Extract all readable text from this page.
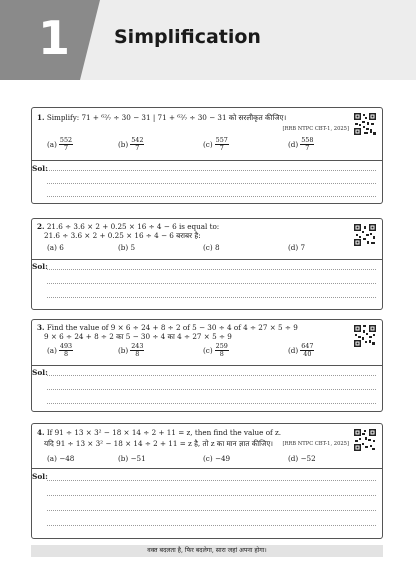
1 Simplification
1. Simplify: 71 + ⁶²⁄₇ ÷ 30 − 31 | 71 + ⁶²⁄₇ ÷ 30 − 31 को सरलीकृत कीजिए।
[RRB NTPC CBT-1, 2025]
$(a) \frac{552}{7}$	$(b) \frac{542}{7}$	$(c) \frac{557}{7}$	$(d) \frac{558}{7}$
Sol:
2. 21.6 ÷ 3.6 × 2 + 0.25 × 16 ÷ 4 − 6 is equal to:
21.6 ÷ 3.6 × 2 + 0.25 × 16 ÷ 4 − 6 बराबर है:
(a)
6	(b)
5	(c)
8	(d)
7
Sol:
3. Find the value of 9 × 6 ÷ 24 + 8 ÷ 2 of 5 − 30 ÷ 4 of 4 ÷ 27 × 5 ÷ 9
9 × 6 ÷ 24 + 8 ÷ 2 का 5 − 30 ÷ 4 का 4 ÷ 27 × 5 ÷ 9
$(a) \frac{493}{8}$	$(b) \frac{243}{8}$	$(c) \frac{259}{8}$	$(d) \frac{647}{40}$
Sol:
4. If 91 ÷ 13 × 3² − 18 × 14 ÷ 2 + 11 = z, then find the value of z.
यदि 91 ÷ 13 × 3² − 18 × 14 ÷ 2 + 11 = z है, तो z का मान ज्ञात कीजिए। [RRB NTPC CBT-1, 2025]
(a)
−48	(b)
−51	(c)
−49	(d)
−52
Sol:
वक्त बदलता है, फिर बदलेगा, सारा जहां अपना होगा।
